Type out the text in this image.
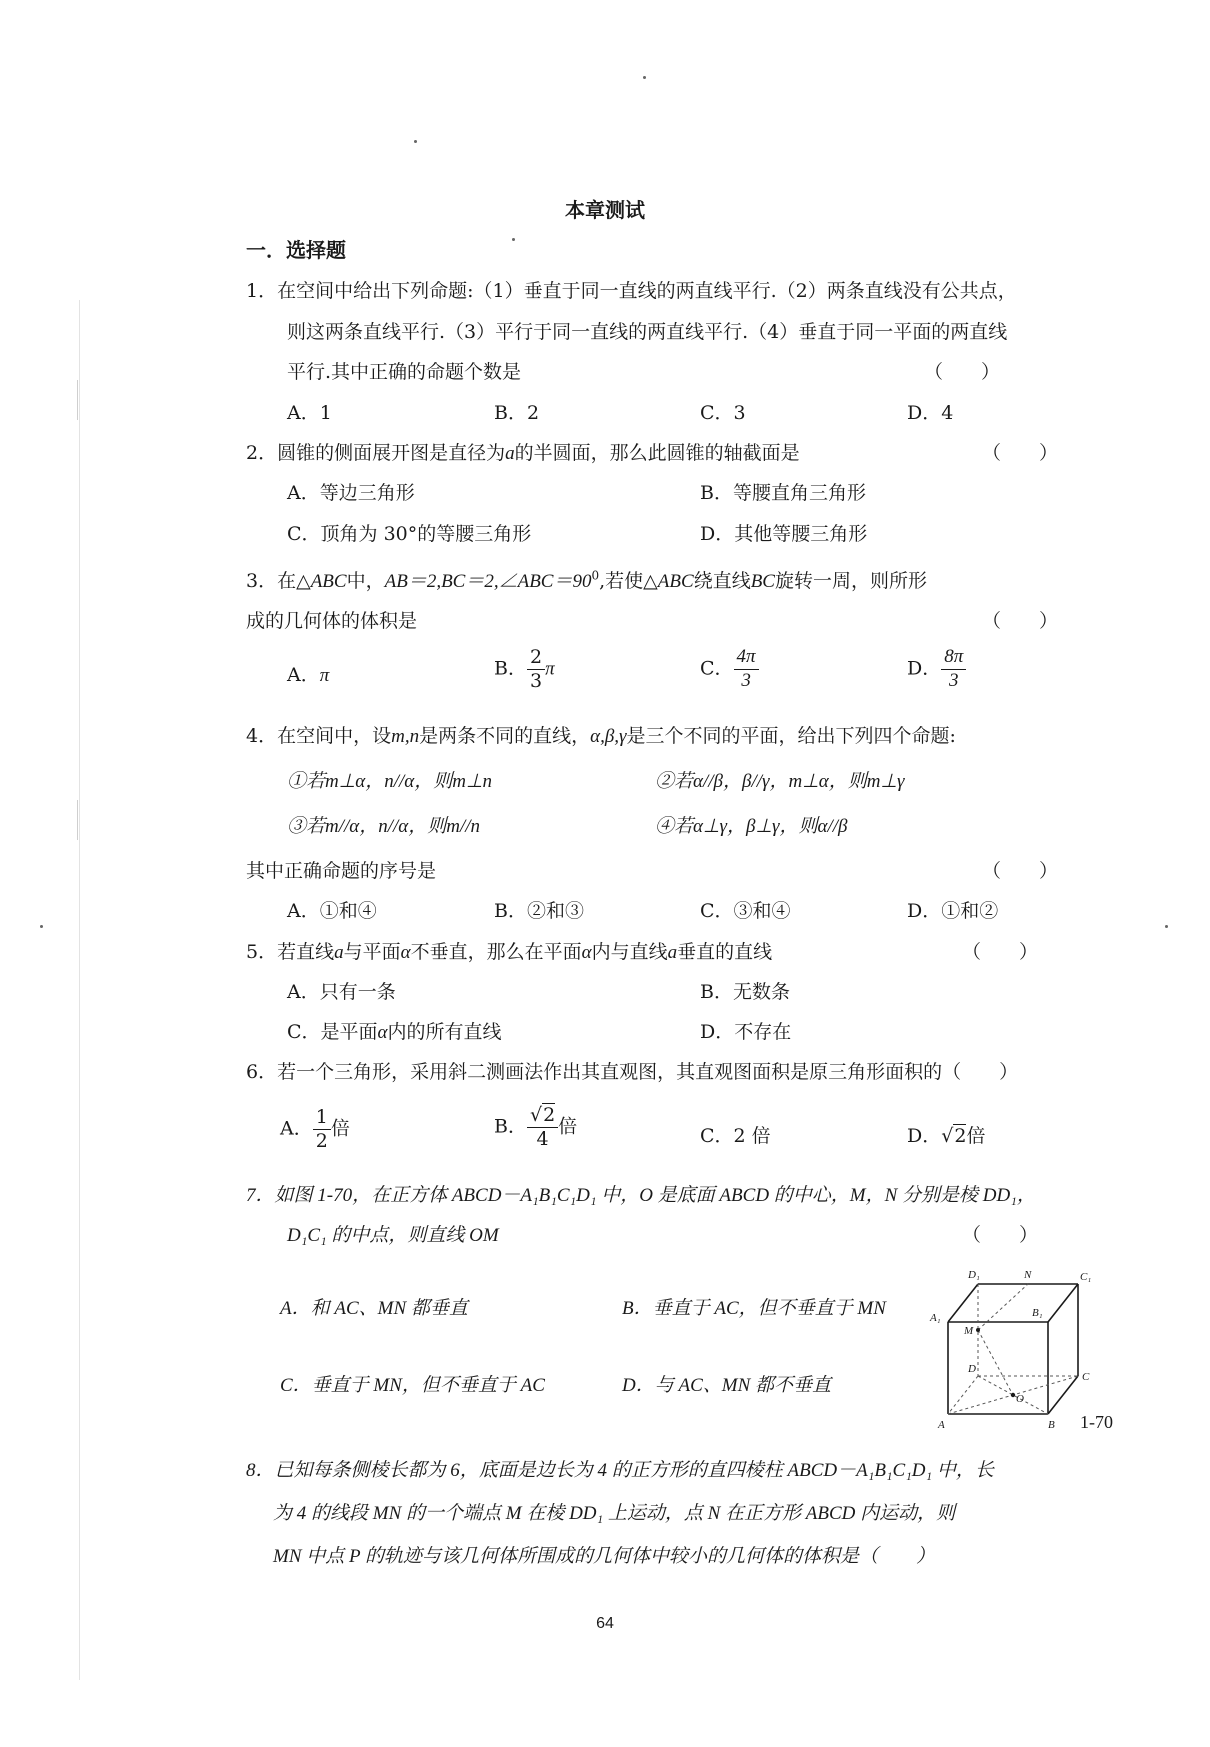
本章测试
一．选择题
1．在空间中给出下列命题:（1）垂直于同一直线的两直线平行.（2）两条直线没有公共点，
则这两条直线平行.（3）平行于同一直线的两直线平行.（4）垂直于同一平面的两直线
平行.其中正确的命题个数是	（　　）
A．1	B．2	C．3	D．4
2．圆锥的侧面展开图是直径为a的半圆面，那么此圆锥的轴截面是	（　　）
A．等边三角形	B．等腰直角三角形
C．顶角为 30°的等腰三角形	D．其他等腰三角形
3．在△ABC中，$AB=2,BC=2,\angle ABC=90^0$,若使△ABC绕直线BC旋转一周，则所形
成的几何体的体积是	（　　）
A．π	B． $\frac{2}{3}$ π	C． $\frac{4\pi}{3}$	D． $\frac{8\pi}{3}$
4．在空间中，设m,n是两条不同的直线，α,β,γ是三个不同的平面，给出下列四个命题:
①若m⊥α，n//α，则m⊥n	②若α//β，β//γ，m⊥α，则m⊥γ
③若m//α，n//α，则m//n	④若α⊥γ，β⊥γ，则α//β
其中正确命题的序号是	（　　）
A．①和④	B．②和③	C．③和④	D．①和②
5．若直线a与平面α不垂直，那么在平面α内与直线a垂直的直线	（　　）
A．只有一条	B．无数条
C．是平面α内的所有直线	D．不存在
6．若一个三角形，采用斜二测画法作出其直观图，其直观图面积是原三角形面积的（　　）
A． $\frac{1}{2}$ 倍	B． $\frac{√2}{4}$ 倍	C．2 倍	D．√2倍
7．如图 1-70，在正方体 ABCD－A₁B₁C₁D₁ 中，O 是底面 ABCD 的中心，M，N 分别是棱 DD₁，
D₁C₁ 的中点，则直线 OM	（　　）
A．和 AC、MN 都垂直	B．垂直于 AC，但不垂直于 MN
C．垂直于 MN，但不垂直于 AC	D．与 AC、MN 都不垂直
D₁	N	C₁
A₁	B₁
M
D
C
O
A	B 1-70
8．已知每条侧棱长都为 6，底面是边长为 4 的正方形的直四棱柱 ABCD－A₁B₁C₁D₁ 中，长
为 4 的线段 MN 的一个端点 M 在棱 DD₁ 上运动，点 N 在正方形 ABCD 内运动，则
MN 中点 P 的轨迹与该几何体所围成的几何体中较小的几何体的体积是（　　）
64
